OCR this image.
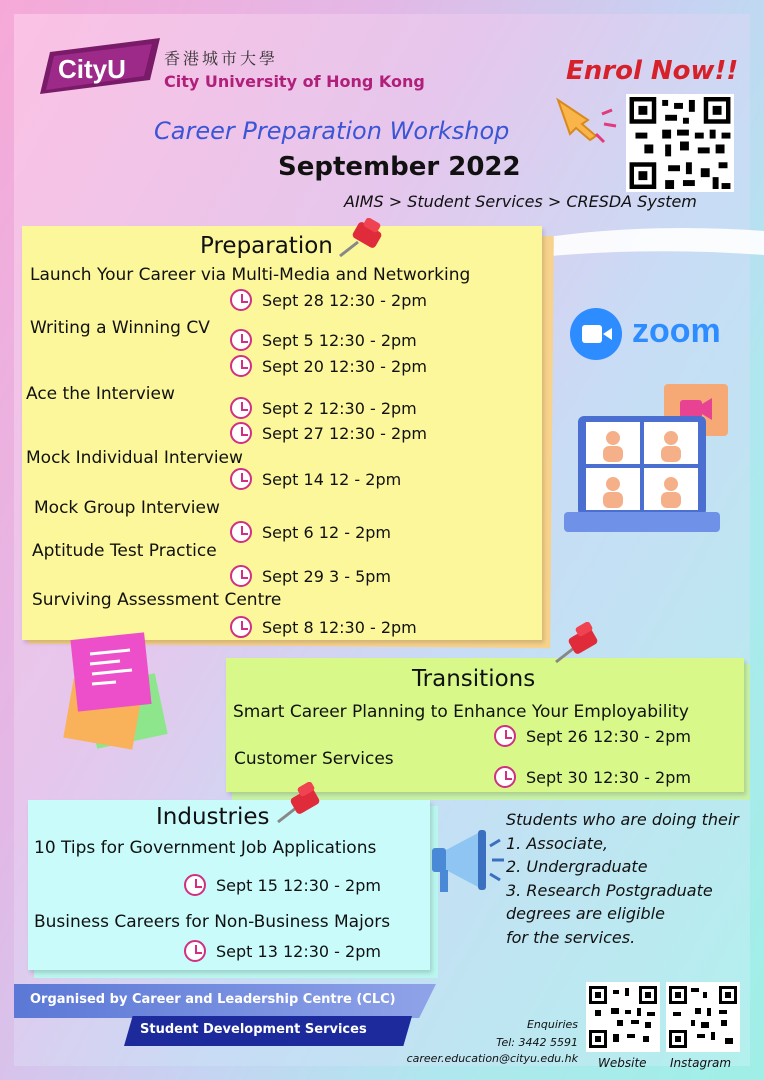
CityU 香港城市大學
City University of Hong Kong	Enrol Now!!
Career Preparation Workshop
September 2022
AIMS > Student Services > CRESDA System
Preparation
Launch Your Career via Multi-Media and Networking
Sept 28 12:30 - 2pm
Writing a Winning CV
Sept 5 12:30 - 2pm
Sept 20 12:30 - 2pm
Ace the Interview
Sept 2 12:30 - 2pm
Sept 27 12:30 - 2pm
Mock Individual Interview
Sept 14 12 - 2pm
Mock Group Interview
Sept 6 12 - 2pm
Aptitude Test Practice
Sept 29 3 - 5pm
Surviving Assessment Centre
Sept 8 12:30 - 2pm
zoom
Transitions
Smart Career Planning to Enhance Your Employability
Sept 26 12:30 - 2pm
Customer Services
Sept 30 12:30 - 2pm
Industries
10 Tips for Government Job Applications
Sept 15 12:30 - 2pm
Business Careers for Non-Business Majors
Sept 13 12:30 - 2pm
Students who are doing their
1. Associate,
2. Undergraduate
3. Research Postgraduate
degrees are eligible
for the services.
Organised by Career and Leadership Centre (CLC)
Student Development Services	Enquiries
Tel: 3442 5591
career.education@cityu.edu.hk Website Instagram
